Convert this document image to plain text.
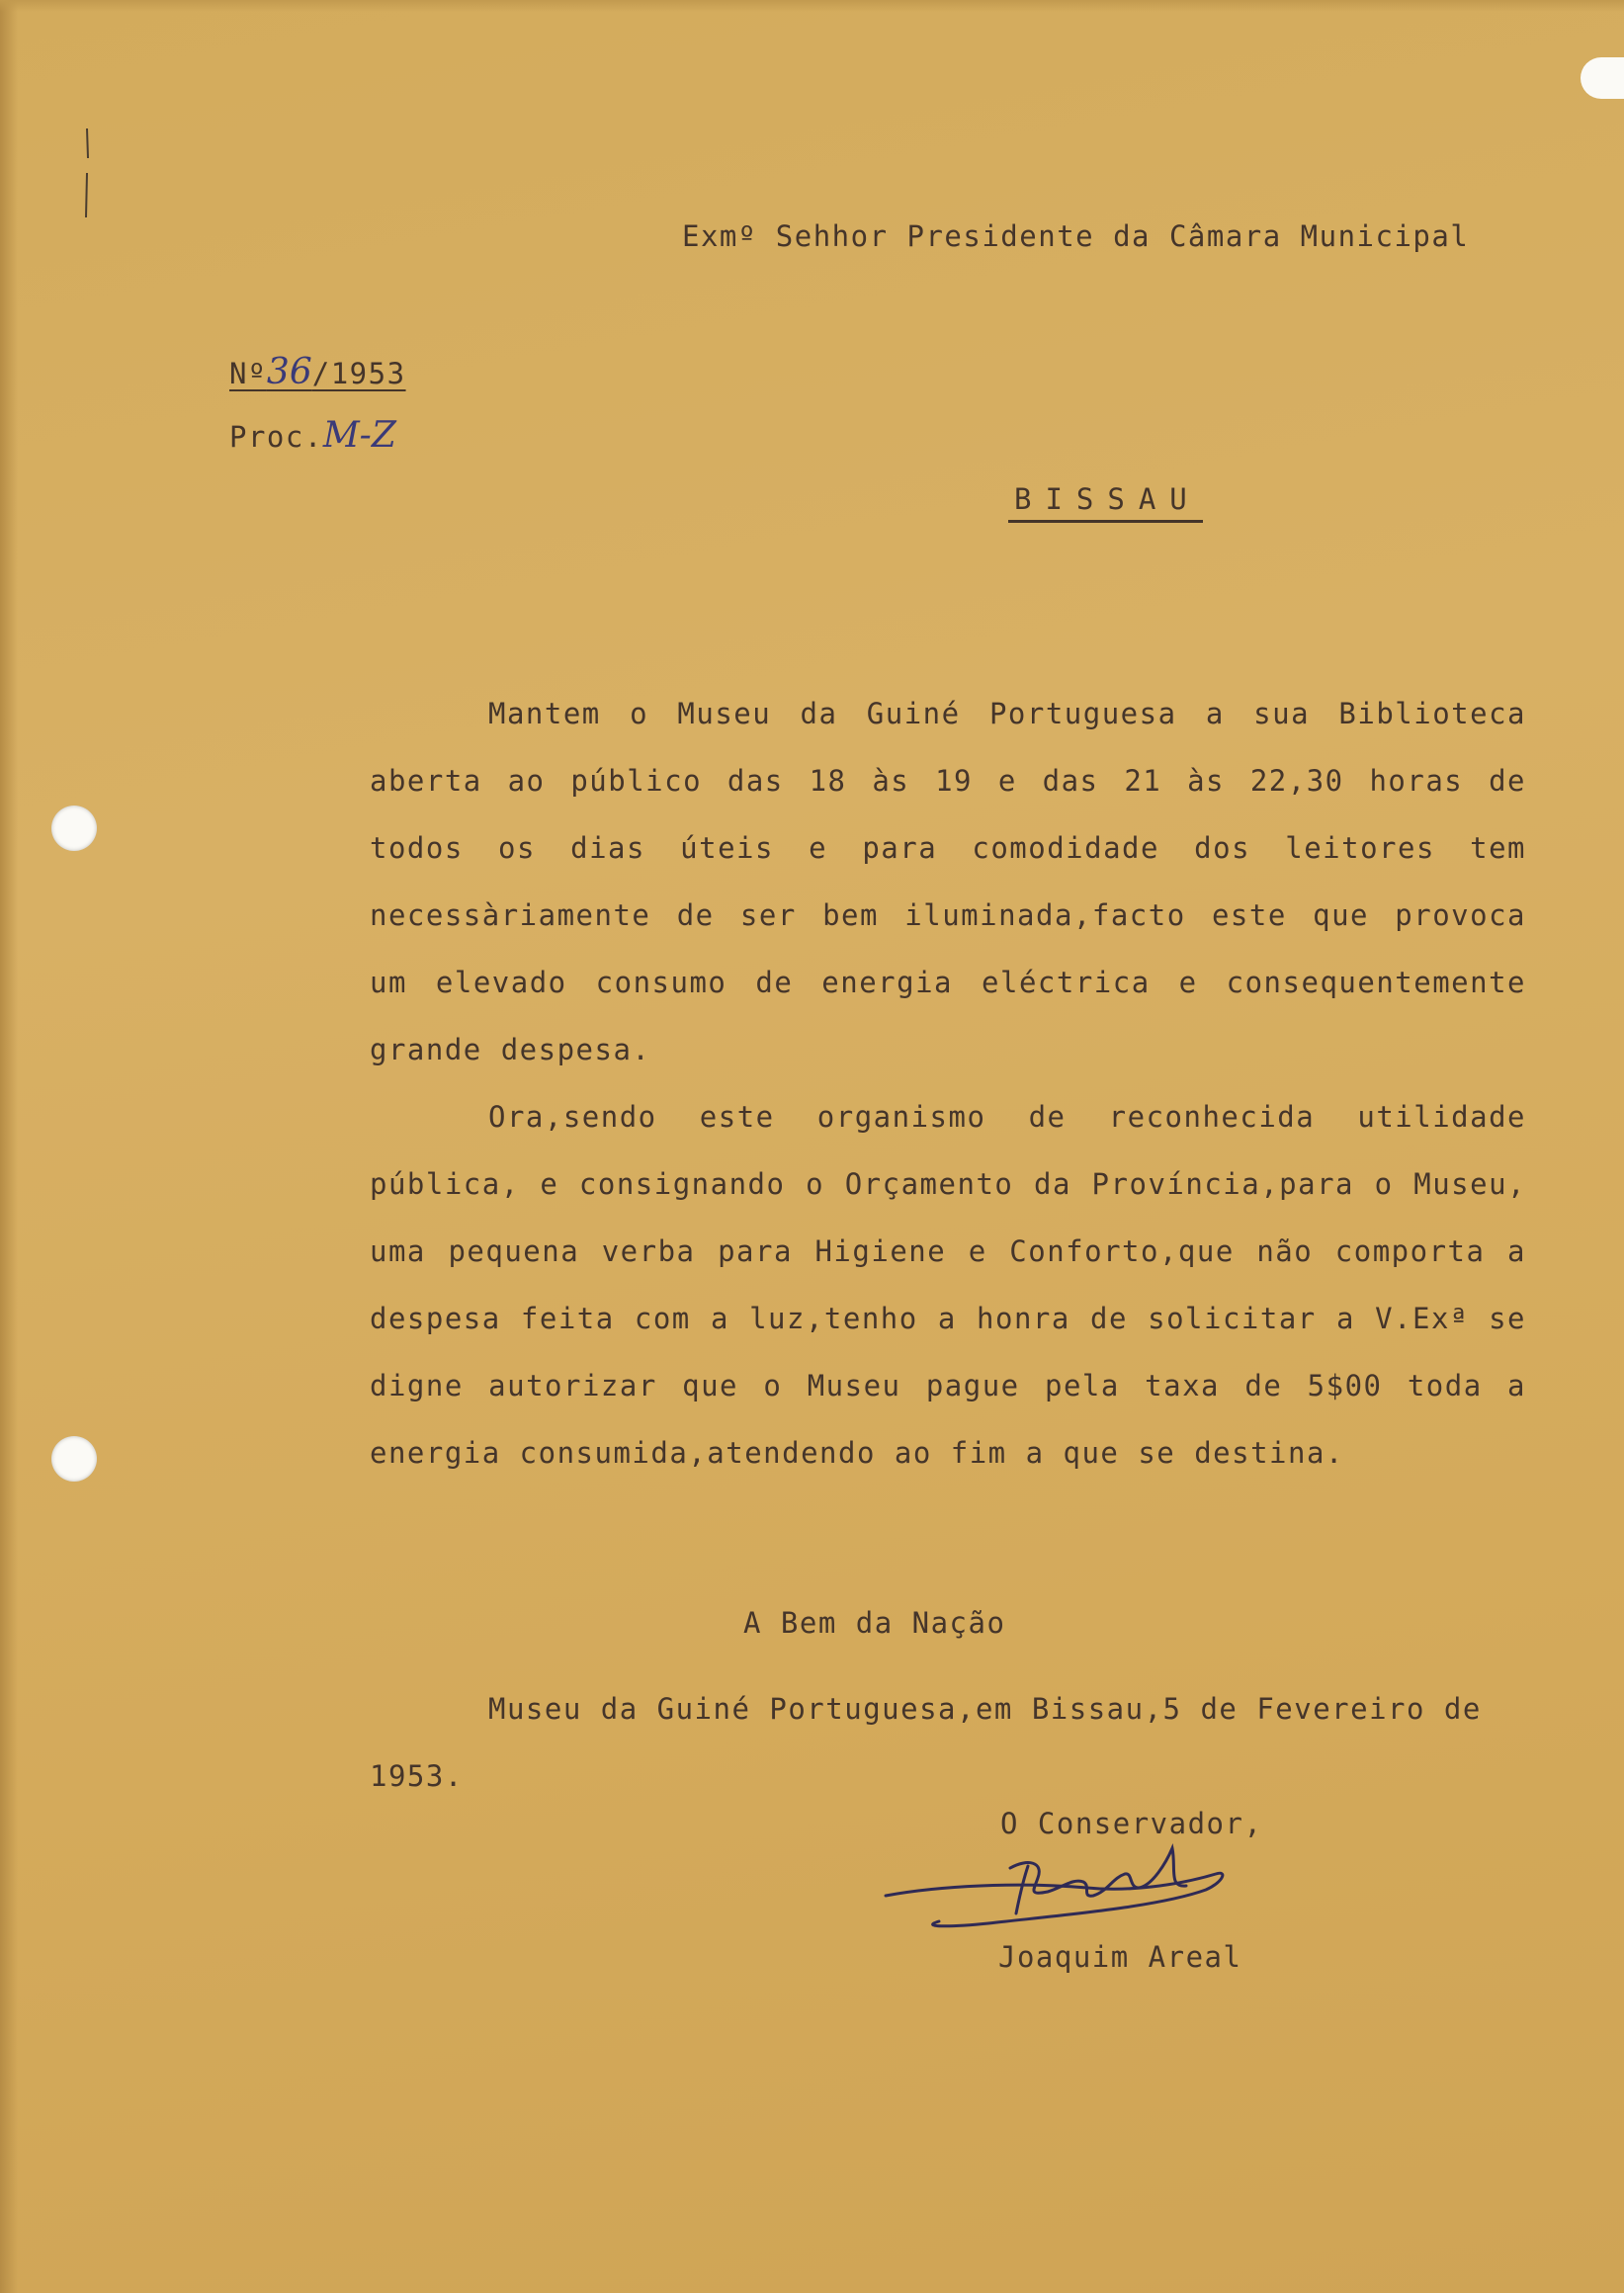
Exmº Sehhor Presidente da Câmara Municipal
Nº36/1953
Proc.M-Z
BISSAU

Mantem o Museu da Guiné Portuguesa a sua Biblioteca aberta ao público das 18 às 19 e das 21 às 22,30 horas de todos os dias úteis e para comodidade dos leitores tem necessàriamente de ser bem iluminada,facto este que provoca um elevado consumo de energia eléctrica e consequentemente grande despesa.

Ora,sendo este organismo de reconhecida utilidade pública, e consignando o Orçamento da Província,para o Museu, uma pequena verba para Higiene e Conforto,que não comporta a despesa feita com a luz,tenho a honra de solicitar a V.Exª se digne autorizar que o Museu pague pela taxa de 5$00 toda a energia consumida,atendendo ao fim a que se destina.

A Bem da Nação
Museu da Guiné Portuguesa,em Bissau,5 de Fevereiro de 1953.
O Conservador,
Joaquim Areal
